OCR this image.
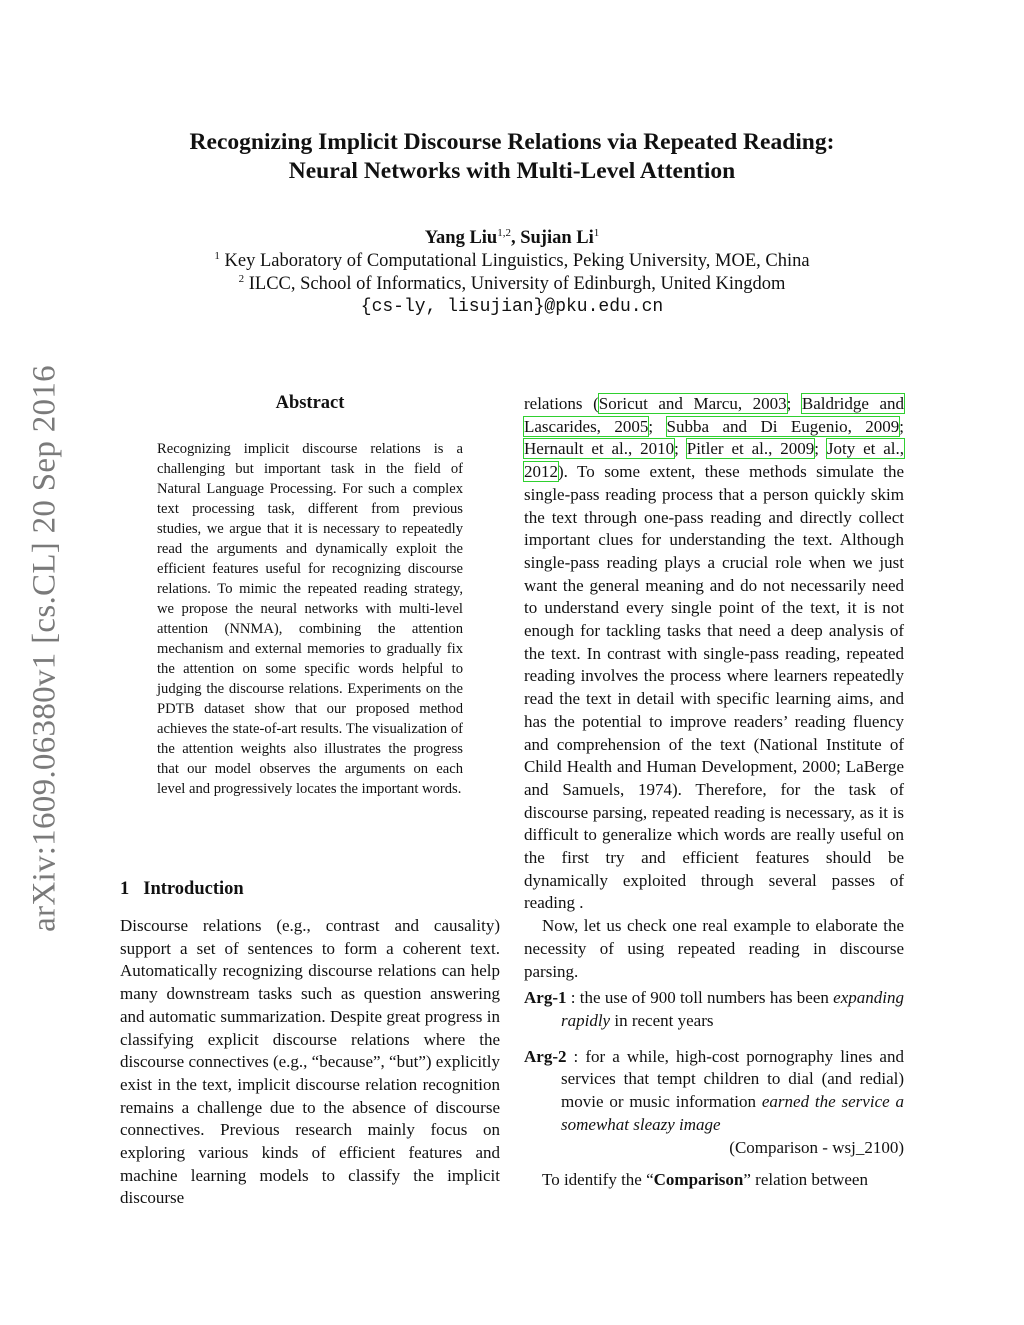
Recognizing Implicit Discourse Relations via Repeated Reading:
Neural Networks with Multi-Level Attention
Yang Liu$^{1,2}$, Sujian Li$^1$
$^1$ Key Laboratory of Computational Linguistics, Peking University, MOE, China
$^2$ ILCC, School of Informatics, University of Edinburgh, United Kingdom
{cs-ly, lisujian}@pku.edu.cn
arXiv:1609.06380v1 [cs.CL] 20 Sep 2016	Abstract
Recognizing implicit discourse relations is a challenging but important task in the field of Natural Language Processing. For such a complex text processing task, different from previous studies, we argue that it is necessary to repeatedly read the arguments and dynamically exploit the efficient features useful for recognizing discourse relations. To mimic the repeated reading strategy, we propose the neural networks with multi-level attention (NNMA), combining the attention mechanism and external memories to gradually fix the attention on some specific words helpful to judging the discourse relations. Experiments on the PDTB dataset show that our proposed method achieves the state-of-art results. The visualization of the attention weights also illustrates the progress that our model observes the arguments on each level and progressively locates the important words.
1 Introduction
Discourse relations (e.g., contrast and causality) support a set of sentences to form a coherent text. Automatically recognizing discourse relations can help many downstream tasks such as question answering and automatic summarization. Despite great progress in classifying explicit discourse relations where the discourse connectives (e.g., “because”, “but”) explicitly exist in the text, implicit discourse relation recognition remains a challenge due to the absence of discourse connectives. Previous research mainly focus on exploring various kinds of efficient features and machine learning models to classify the implicit discourse

relations (Soricut and Marcu, 2003; Baldridge and Lascarides, 2005; Subba and Di Eugenio, 2009; Hernault et al., 2010; Pitler et al., 2009; Joty et al., 2012). To some extent, these methods simulate the single-pass reading process that a person quickly skim the text through one-pass reading and directly collect important clues for understanding the text. Although single-pass reading plays a crucial role when we just want the general meaning and do not necessarily need to understand every single point of the text, it is not enough for tackling tasks that need a deep analysis of the text. In contrast with single-pass reading, repeated reading involves the process where learners repeatedly read the text in detail with specific learning aims, and has the potential to improve readers’ reading fluency and comprehension of the text (National Institute of Child Health and Human Development, 2000; LaBerge and Samuels, 1974). Therefore, for the task of discourse parsing, repeated reading is necessary, as it is difficult to generalize which words are really useful on the first try and efficient features should be dynamically exploited through several passes of reading .

Now, let us check one real example to elaborate the necessity of using repeated reading in discourse parsing.

Arg-1 : the use of 900 toll numbers has been expanding rapidly in recent years

Arg-2 : for a while, high-cost pornography lines and services that tempt children to dial (and redial) movie or music information earned the service a somewhat sleazy image

(Comparison - wsj_2100)

To identify the “Comparison” relation between
